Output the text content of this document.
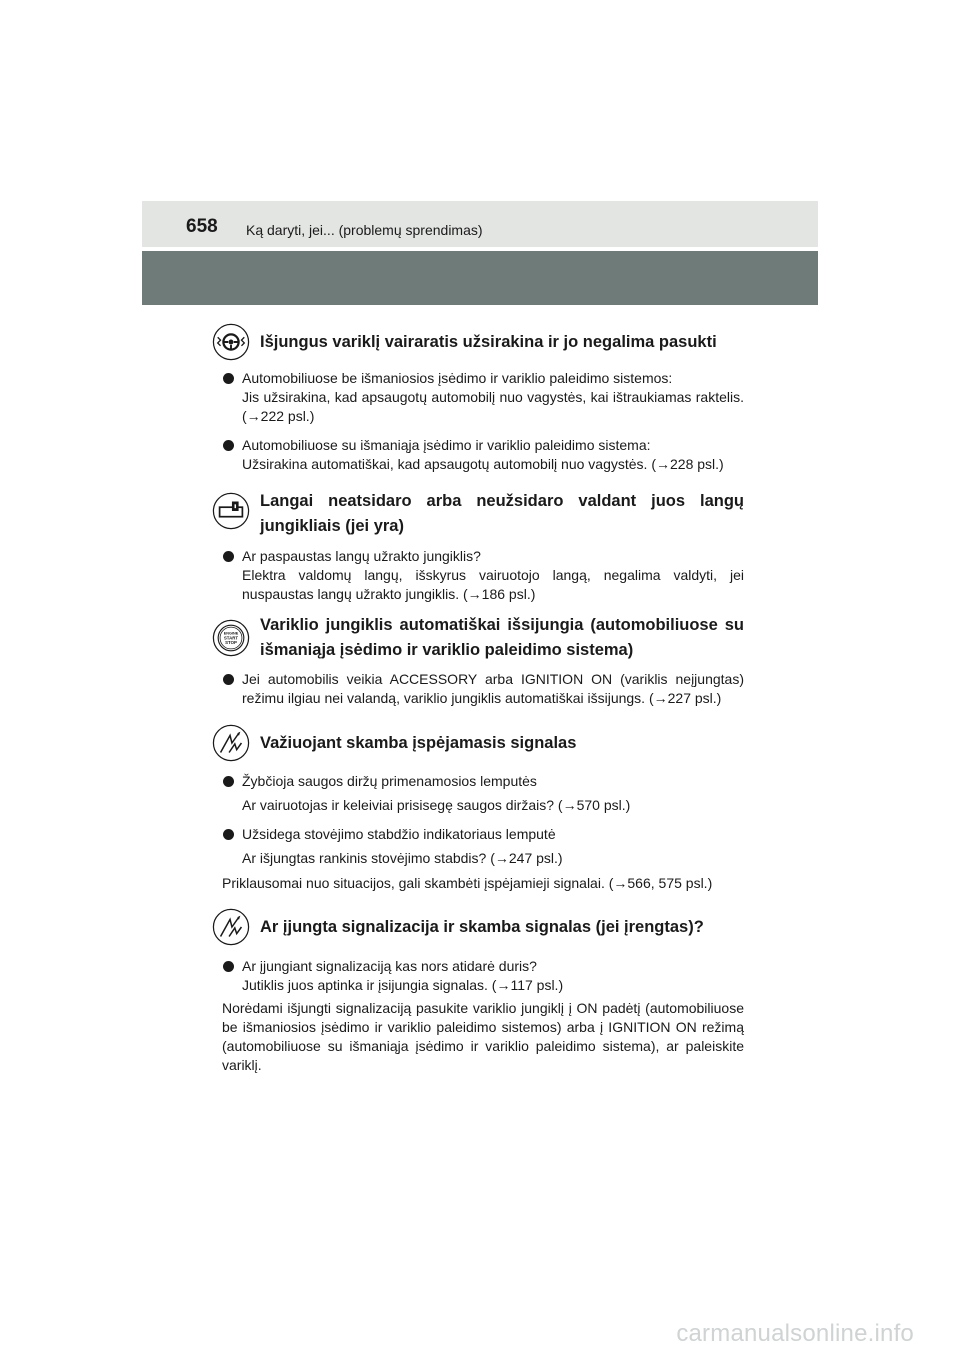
658 Ką daryti, jei... (problemų sprendimas)
Išjungus variklį vairaratis užsirakina ir jo negalima pasukti

Automobiliuose be išmaniosios įsėdimo ir variklio paleidimo sistemos:

Jis užsirakina, kad apsaugotų automobilį nuo vagystės, kai ištraukiamas raktelis. (→222 psl.)

Automobiliuose su išmaniąja įsėdimo ir variklio paleidimo sistema:

Užsirakina automatiškai, kad apsaugotų automobilį nuo vagystės. (→228 psl.)

Langai neatsidaro arba neužsidaro valdant juos langų jungikliais (jei yra)

Ar paspaustas langų užrakto jungiklis?

Elektra valdomų langų, išskyrus vairuotojo langą, negalima valdyti, jei nuspaustas langų užrakto jungiklis. (→186 psl.)

ENGINE
START
STOP
Variklio jungiklis automatiškai išsijungia (automobiliuose su išmaniąja įsėdimo ir variklio paleidimo sistema)

Jei automobilis veikia ACCESSORY arba IGNITION ON (variklis neįjungtas) režimu ilgiau nei valandą, variklio jungiklis automatiškai išsijungs. (→227 psl.)

Važiuojant skamba įspėjamasis signalas

Žybčioja saugos diržų primenamosios lemputės

Ar vairuotojas ir keleiviai prisisegę saugos diržais? (→570 psl.)

Užsidega stovėjimo stabdžio indikatoriaus lemputė

Ar išjungtas rankinis stovėjimo stabdis? (→247 psl.)

Priklausomai nuo situacijos, gali skambėti įspėjamieji signalai. (→566, 575 psl.)
Ar įjungta signalizacija ir skamba signalas (jei įrengtas)?

Ar įjungiant signalizaciją kas nors atidarė duris?

Jutiklis juos aptinka ir įsijungia signalas. (→117 psl.)

Norėdami išjungti signalizaciją pasukite variklio jungiklį į ON padėtį (automobiliuose be išmaniosios įsėdimo ir variklio paleidimo sistemos) arba į IGNITION ON režimą (automobiliuose su išmaniąja įsėdimo ir variklio paleidimo sistema), ar paleiskite variklį.
carmanualsonline.info
